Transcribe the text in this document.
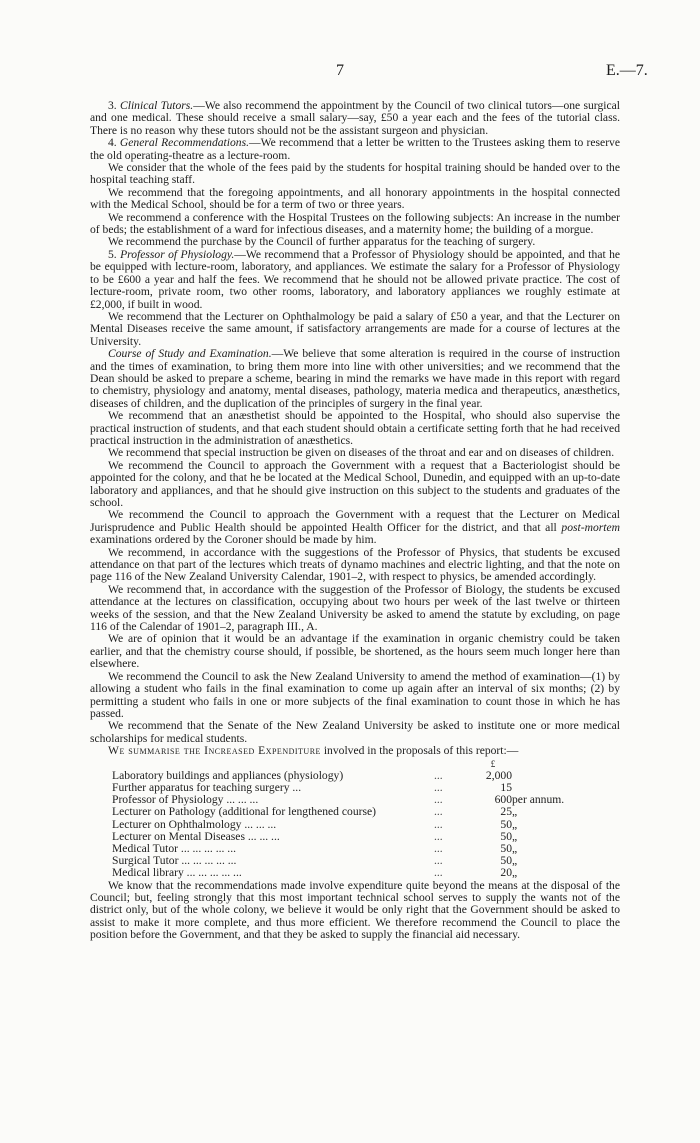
7	E.—7.

3. Clinical Tutors.—We also recommend the appointment by the Council of two clinical tutors—one surgical and one medical. These should receive a small salary—say, £50 a year each and the fees of the tutorial class. There is no reason why these tutors should not be the assistant surgeon and physician.

4. General Recommendations.—We recommend that a letter be written to the Trustees asking them to reserve the old operating-theatre as a lecture-room.

We consider that the whole of the fees paid by the students for hospital training should be handed over to the hospital teaching staff.

We recommend that the foregoing appointments, and all honorary appointments in the hospital connected with the Medical School, should be for a term of two or three years.

We recommend a conference with the Hospital Trustees on the following subjects: An increase in the number of beds; the establishment of a ward for infectious diseases, and a maternity home; the building of a morgue.

We recommend the purchase by the Council of further apparatus for the teaching of surgery.

5. Professor of Physiology.—We recommend that a Professor of Physiology should be appointed, and that he be equipped with lecture-room, laboratory, and appliances. We estimate the salary for a Professor of Physiology to be £600 a year and half the fees. We recommend that he should not be allowed private practice. The cost of lecture-room, private room, two other rooms, laboratory, and laboratory appliances we roughly estimate at £2,000, if built in wood.

We recommend that the Lecturer on Ophthalmology be paid a salary of £50 a year, and that the Lecturer on Mental Diseases receive the same amount, if satisfactory arrangements are made for a course of lectures at the University.

Course of Study and Examination.—We believe that some alteration is required in the course of instruction and the times of examination, to bring them more into line with other universities; and we recommend that the Dean should be asked to prepare a scheme, bearing in mind the remarks we have made in this report with regard to chemistry, physiology and anatomy, mental diseases, pathology, materia medica and therapeutics, anæsthetics, diseases of children, and the duplication of the principles of surgery in the final year.

We recommend that an anæsthetist should be appointed to the Hospital, who should also supervise the practical instruction of students, and that each student should obtain a certificate setting forth that he had received practical instruction in the administration of anæsthetics.

We recommend that special instruction be given on diseases of the throat and ear and on diseases of children.

We recommend the Council to approach the Government with a request that a Bacteriologist should be appointed for the colony, and that he be located at the Medical School, Dunedin, and equipped with an up-to-date laboratory and appliances, and that he should give instruction on this subject to the students and graduates of the school.

We recommend the Council to approach the Government with a request that the Lecturer on Medical Jurisprudence and Public Health should be appointed Health Officer for the district, and that all post-mortem examinations ordered by the Coroner should be made by him.

We recommend, in accordance with the suggestions of the Professor of Physics, that students be excused attendance on that part of the lectures which treats of dynamo machines and electric lighting, and that the note on page 116 of the New Zealand University Calendar, 1901–2, with respect to physics, be amended accordingly.

We recommend that, in accordance with the suggestion of the Professor of Biology, the students be excused attendance at the lectures on classification, occupying about two hours per week of the last twelve or thirteen weeks of the session, and that the New Zealand University be asked to amend the statute by excluding, on page 116 of the Calendar of 1901–2, paragraph III., A.

We are of opinion that it would be an advantage if the examination in organic chemistry could be taken earlier, and that the chemistry course should, if possible, be shortened, as the hours seem much longer here than elsewhere.

We recommend the Council to ask the New Zealand University to amend the method of examination—(1) by allowing a student who fails in the final examination to come up again after an interval of six months; (2) by permitting a student who fails in one or more subjects of the final examination to count those in which he has passed.

We recommend that the Senate of the New Zealand University be asked to institute one or more medical scholarships for medical students.

We summarise the Increased Expenditure involved in the proposals of this report:—

		£	
Laboratory buildings and appliances (physiology)	...	2,000	
Further apparatus for teaching surgery ...	...	15	
Professor of Physiology ... ... ...	...	600	per annum.
Lecturer on Pathology (additional for lengthened course)	...	25	„
Lecturer on Ophthalmology ... ... ...	...	50	„
Lecturer on Mental Diseases ... ... ...	...	50	„
Medical Tutor ... ... ... ... ...	...	50	„
Surgical Tutor ... ... ... ... ...	...	50	„
Medical library ... ... ... ... ...	...	20	„

We know that the recommendations made involve expenditure quite beyond the means at the disposal of the Council; but, feeling strongly that this most important technical school serves to supply the wants not of the district only, but of the whole colony, we believe it would be only right that the Government should be asked to assist to make it more complete, and thus more efficient. We therefore recommend the Council to place the position before the Government, and that they be asked to supply the financial aid necessary.
